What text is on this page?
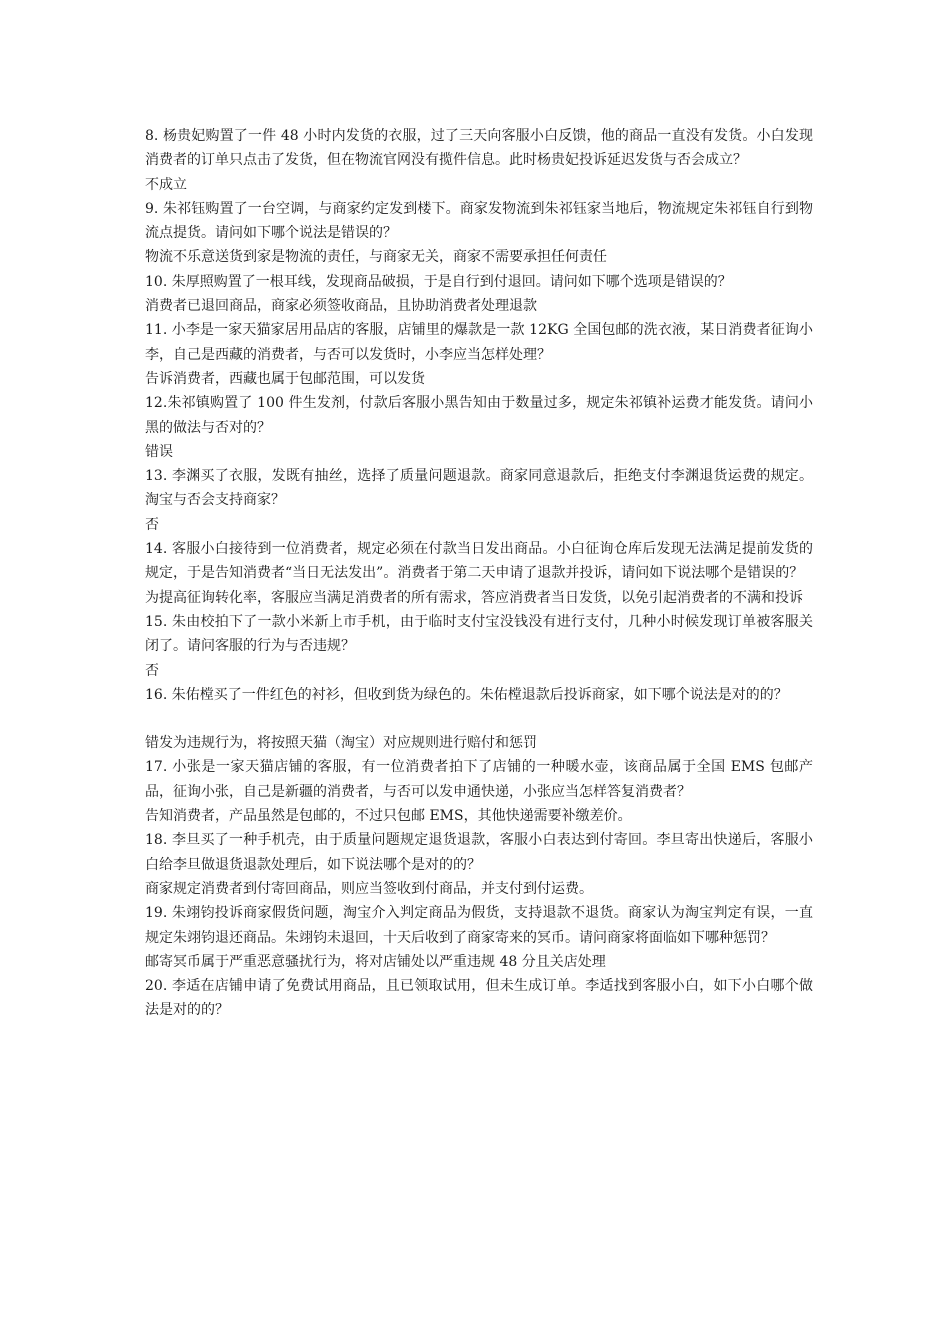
8. 杨贵妃购置了一件 48 小时内发货的衣服，过了三天向客服小白反馈，他的商品一直没有发货。小白发现消费者的订单只点击了发货，但在物流官网没有揽件信息。此时杨贵妃投诉延迟发货与否会成立？

不成立

9. 朱祁钰购置了一台空调，与商家约定发到楼下。商家发物流到朱祁钰家当地后，物流规定朱祁钰自行到物流点提货。请问如下哪个说法是错误的？

物流不乐意送货到家是物流的责任，与商家无关，商家不需要承担任何责任

10. 朱厚照购置了一根耳线，发现商品破损，于是自行到付退回。请问如下哪个选项是错误的？

消费者已退回商品，商家必须签收商品，且协助消费者处理退款

11. 小李是一家天猫家居用品店的客服，店铺里的爆款是一款 12KG 全国包邮的洗衣液，某日消费者征询小李，自己是西藏的消费者，与否可以发货时，小李应当怎样处理？

告诉消费者，西藏也属于包邮范围，可以发货

12.朱祁镇购置了 100 件生发剂，付款后客服小黑告知由于数量过多，规定朱祁镇补运费才能发货。请问小黑的做法与否对的？

错误

13. 李渊买了衣服，发既有抽丝，选择了质量问题退款。商家同意退款后，拒绝支付李渊退货运费的规定。淘宝与否会支持商家？

否

14. 客服小白接待到一位消费者，规定必须在付款当日发出商品。小白征询仓库后发现无法满足提前发货的规定，于是告知消费者“当日无法发出”。消费者于第二天申请了退款并投诉，请问如下说法哪个是错误的？

为提高征询转化率，客服应当满足消费者的所有需求，答应消费者当日发货，以免引起消费者的不满和投诉

15. 朱由校拍下了一款小米新上市手机，由于临时支付宝没钱没有进行支付，几种小时候发现订单被客服关闭了。请问客服的行为与否违规？

否

16. 朱佑樘买了一件红色的衬衫，但收到货为绿色的。朱佑樘退款后投诉商家，如下哪个说法是对的的？

错发为违规行为，将按照天猫（淘宝）对应规则进行赔付和惩罚

17. 小张是一家天猫店铺的客服，有一位消费者拍下了店铺的一种暖水壶，该商品属于全国 EMS 包邮产品，征询小张，自己是新疆的消费者，与否可以发申通快递，小张应当怎样答复消费者？

告知消费者，产品虽然是包邮的，不过只包邮 EMS，其他快递需要补缴差价。

18. 李旦买了一种手机壳，由于质量问题规定退货退款，客服小白表达到付寄回。李旦寄出快递后，客服小白给李旦做退货退款处理后，如下说法哪个是对的的？

商家规定消费者到付寄回商品，则应当签收到付商品，并支付到付运费。

19. 朱翊钧投诉商家假货问题，淘宝介入判定商品为假货，支持退款不退货。商家认为淘宝判定有误，一直规定朱翊钧退还商品。朱翊钧未退回，十天后收到了商家寄来的冥币。请问商家将面临如下哪种惩罚？

邮寄冥币属于严重恶意骚扰行为，将对店铺处以严重违规 48 分且关店处理

20. 李适在店铺申请了免费试用商品，且已领取试用，但未生成订单。李适找到客服小白，如下小白哪个做法是对的的？
